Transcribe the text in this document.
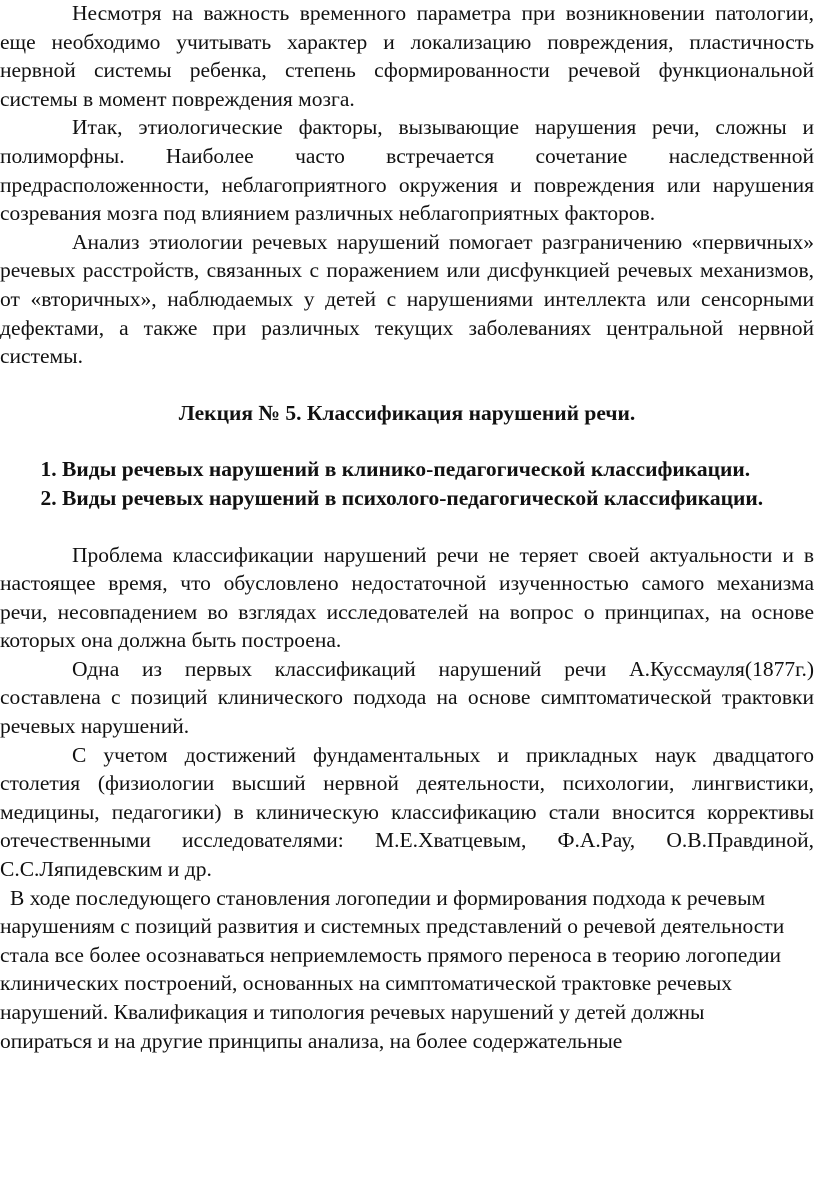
Несмотря на важность временного параметра при возникновении патологии, еще необходимо учитывать характер и локализацию повреждения, пластичность нервной системы ребенка, степень сформированности речевой функциональной системы в момент повреждения мозга.

Итак, этиологические факторы, вызывающие нарушения речи, сложны и полиморфны. Наиболее часто встречается сочетание наследственной предрасположенности, неблагоприятного окружения и повреждения или нарушения созревания мозга под влиянием различных неблагоприятных факторов.

Анализ этиологии речевых нарушений помогает разграничению «первичных» речевых расстройств, связанных с поражением или дисфункцией речевых механизмов, от «вторичных», наблюдаемых у детей с нарушениями интеллекта или сенсорными дефектами, а также при различных текущих заболеваниях центральной нервной системы.

Лекция № 5. Классификация нарушений речи.

1. Виды речевых нарушений в клинико-педагогической классификации.
2. Виды речевых нарушений в психолого-педагогической классификации.

Проблема классификации нарушений речи не теряет своей актуальности и в настоящее время, что обусловлено недостаточной изученностью самого механизма речи, несовпадением во взглядах исследователей на вопрос о принципах, на основе которых она должна быть построена.

Одна из первых классификаций нарушений речи А.Куссмауля(1877г.) составлена с позиций клинического подхода на основе симптоматической трактовки речевых нарушений.

С учетом достижений фундаментальных и прикладных наук двадцатого столетия (физиологии высший нервной деятельности, психологии, лингвистики, медицины, педагогики) в клиническую классификацию стали вносится коррективы отечественными исследователями: М.Е.Хватцевым, Ф.А.Рау, О.В.Правдиной, С.С.Ляпидевским и др.

В ходе последующего становления логопедии и формирования подхода к речевым нарушениям с позиций развития и системных представлений о речевой деятельности стала все более осознаваться неприемлемость прямого переноса в теорию логопедии клинических построений, основанных на симптоматической трактовке речевых нарушений. Квалификация и типология речевых нарушений у детей должны опираться и на другие принципы анализа, на более содержательные
